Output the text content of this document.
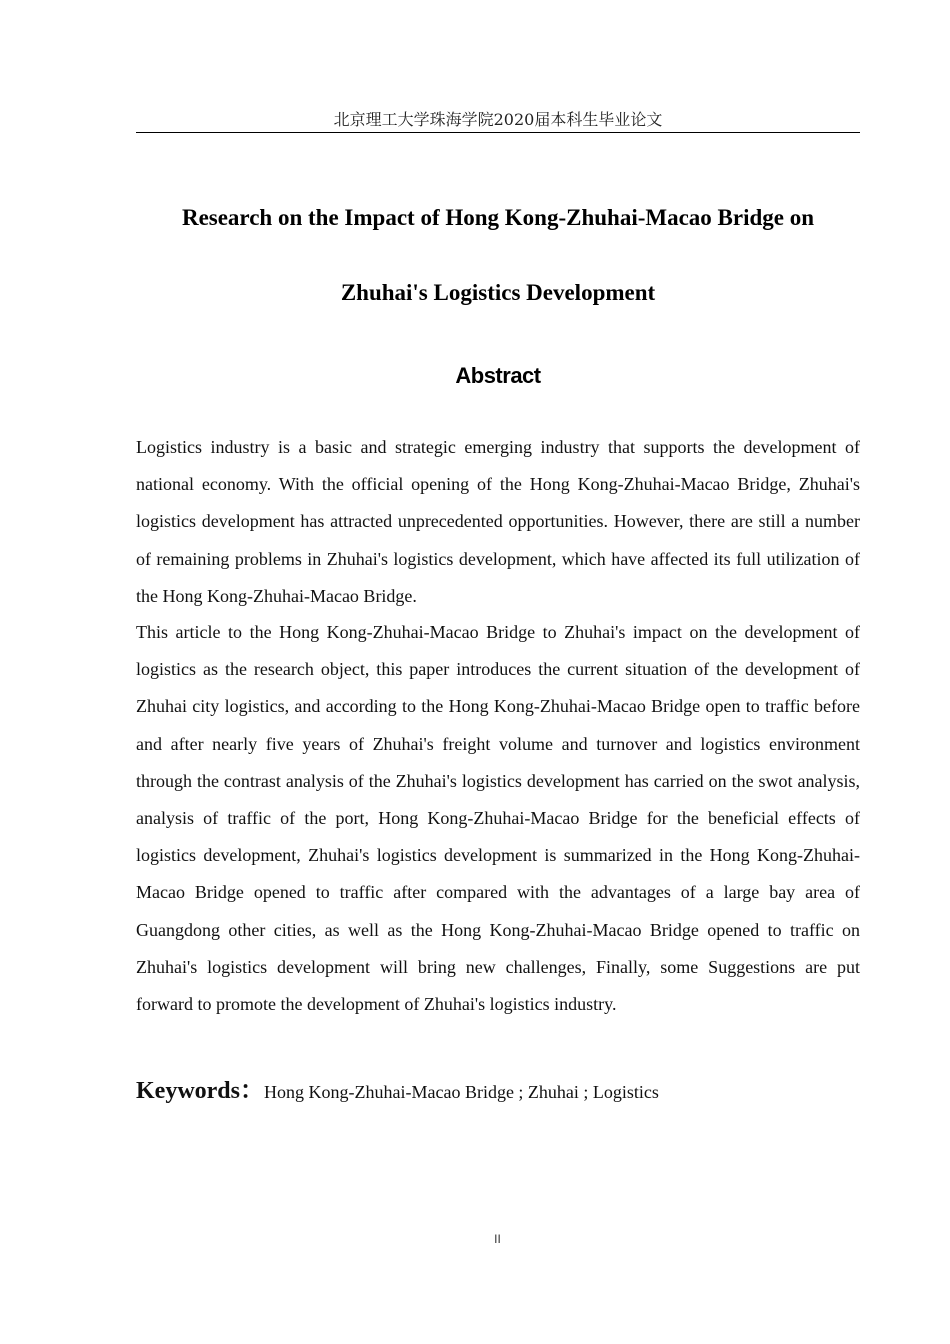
北京理工大学珠海学院2020届本科生毕业论文
Research on the Impact of Hong Kong-Zhuhai-Macao Bridge on
Zhuhai's Logistics Development
Abstract

Logistics industry is a basic and strategic emerging industry that supports the development of national economy. With the official opening of the Hong Kong-Zhuhai-Macao Bridge, Zhuhai's logistics development has attracted unprecedented opportunities. However, there are still a number of remaining problems in Zhuhai's logistics development, which have affected its full utilization of the Hong Kong-Zhuhai-Macao Bridge.

This article to the Hong Kong-Zhuhai-Macao Bridge to Zhuhai's impact on the development of logistics as the research object, this paper introduces the current situation of the development of Zhuhai city logistics, and according to the Hong Kong-Zhuhai-Macao Bridge open to traffic before and after nearly five years of Zhuhai's freight volume and turnover and logistics environment through the contrast analysis of the Zhuhai's logistics development has carried on the swot analysis, analysis of traffic of the port, Hong Kong-Zhuhai-Macao Bridge for the beneficial effects of logistics development, Zhuhai's logistics development is summarized in the Hong Kong-Zhuhai-Macao Bridge opened to traffic after compared with the advantages of a large bay area of Guangdong other cities, as well as the Hong Kong-Zhuhai-Macao Bridge opened to traffic on Zhuhai's logistics development will bring new challenges, Finally, some Suggestions are put forward to promote the development of Zhuhai's logistics industry.

Keywords：Hong Kong-Zhuhai-Macao Bridge ; Zhuhai ; Logistics

II
